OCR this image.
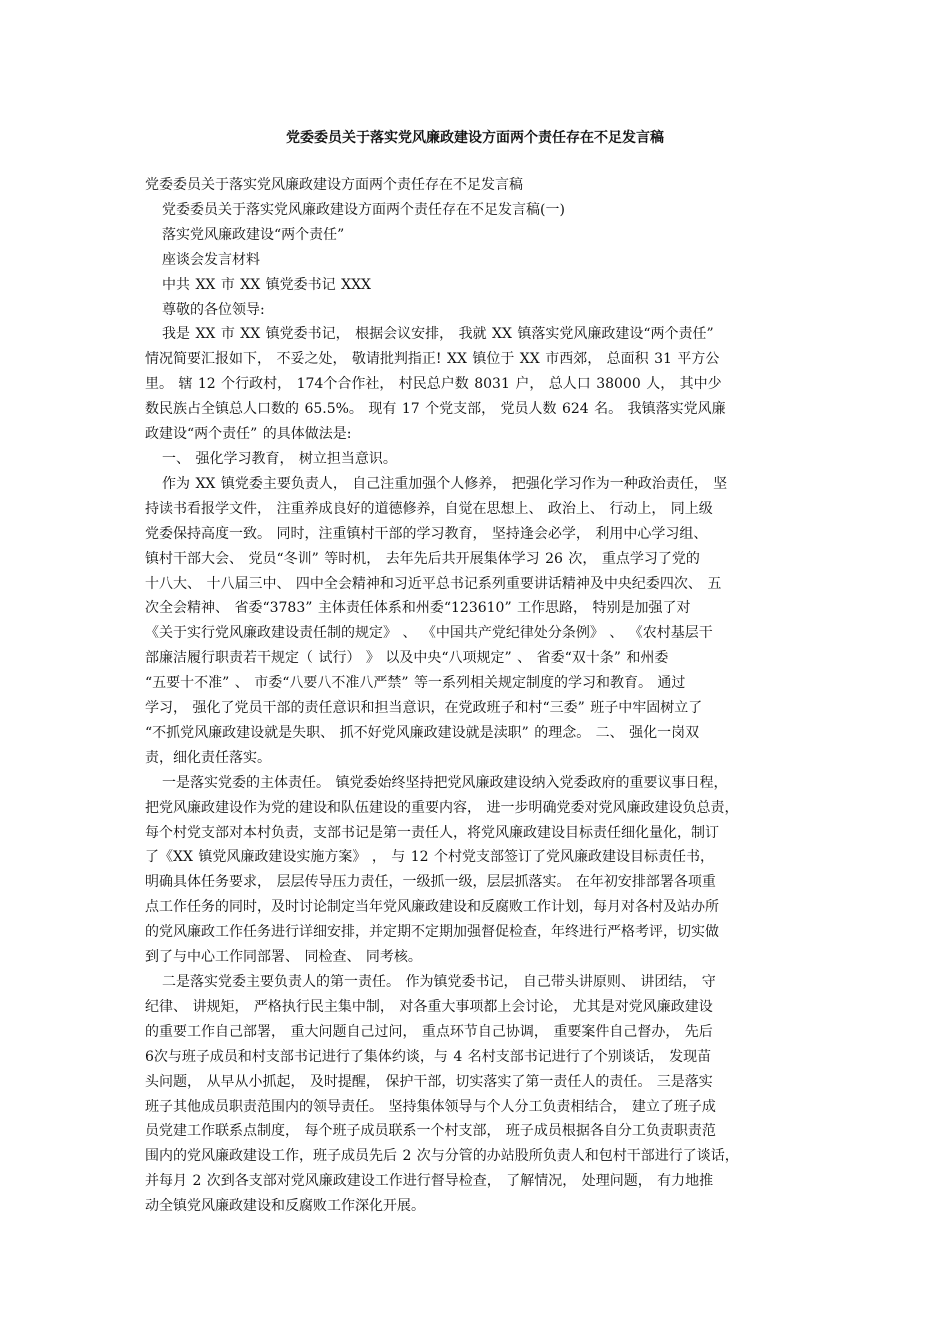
党委委员关于落实党风廉政建设方面两个责任存在不足发言稿

党委委员关于落实党风廉政建设方面两个责任存在不足发言稿

党委委员关于落实党风廉政建设方面两个责任存在不足发言稿(一)

落实党风廉政建设“两个责任”

座谈会发言材料

中共 XX 市 XX 镇党委书记 XXX

尊敬的各位领导:

我是 XX 市 XX 镇党委书记， 根据会议安排， 我就 XX 镇落实党风廉政建设“两个责任”

情况简要汇报如下， 不妥之处， 敬请批判指正! XX 镇位于 XX 市西郊， 总面积 31 平方公

里。 辖 12 个行政村， 174个合作社， 村民总户数 8031 户， 总人口 38000 人， 其中少

数民族占全镇总人口数的 65.5%。 现有 17 个党支部， 党员人数 624 名。 我镇落实党风廉

政建设“两个责任” 的具体做法是:

一、 强化学习教育， 树立担当意识。

作为 XX 镇党委主要负责人， 自己注重加强个人修养， 把强化学习作为一种政治责任， 坚

持读书看报学文件， 注重养成良好的道德修养，自觉在思想上、 政治上、 行动上， 同上级

党委保持高度一致。 同时，注重镇村干部的学习教育， 坚持逢会必学， 利用中心学习组、

镇村干部大会、 党员“冬训” 等时机， 去年先后共开展集体学习 26 次， 重点学习了党的

十八大、 十八届三中、 四中全会精神和习近平总书记系列重要讲话精神及中央纪委四次、 五

次全会精神、 省委“3783” 主体责任体系和州委“123610” 工作思路， 特别是加强了对

《关于实行党风廉政建设责任制的规定》 、 《中国共产党纪律处分条例》 、 《农村基层干

部廉洁履行职责若干规定（ 试行） 》 以及中央“八项规定” 、 省委“双十条” 和州委

“五要十不准” 、 市委“八要八不准八严禁” 等一系列相关规定制度的学习和教育。 通过

学习， 强化了党员干部的责任意识和担当意识，在党政班子和村“三委” 班子中牢固树立了

“不抓党风廉政建设就是失职、 抓不好党风廉政建设就是渎职” 的理念。 二、 强化一岗双

责，细化责任落实。

一是落实党委的主体责任。 镇党委始终坚持把党风廉政建设纳入党委政府的重要议事日程，

把党风廉政建设作为党的建设和队伍建设的重要内容， 进一步明确党委对党风廉政建设负总责，

每个村党支部对本村负责，支部书记是第一责任人，将党风廉政建设目标责任细化量化，制订

了《XX 镇党风廉政建设实施方案》 ， 与 12 个村党支部签订了党风廉政建设目标责任书，

明确具体任务要求， 层层传导压力责任，一级抓一级，层层抓落实。 在年初安排部署各项重

点工作任务的同时，及时讨论制定当年党风廉政建设和反腐败工作计划，每月对各村及站办所

的党风廉政工作任务进行详细安排，并定期不定期加强督促检查，年终进行严格考评，切实做

到了与中心工作同部署、 同检查、 同考核。

二是落实党委主要负责人的第一责任。 作为镇党委书记， 自己带头讲原则、 讲团结， 守

纪律、 讲规矩， 严格执行民主集中制， 对各重大事项都上会讨论， 尤其是对党风廉政建设

的重要工作自己部署， 重大问题自己过问， 重点环节自己协调， 重要案件自己督办， 先后

6次与班子成员和村支部书记进行了集体约谈，与 4 名村支部书记进行了个别谈话， 发现苗

头问题， 从早从小抓起， 及时提醒， 保护干部，切实落实了第一责任人的责任。 三是落实

班子其他成员职责范围内的领导责任。 坚持集体领导与个人分工负责相结合， 建立了班子成

员党建工作联系点制度， 每个班子成员联系一个村支部， 班子成员根据各自分工负责职责范

围内的党风廉政建设工作，班子成员先后 2 次与分管的办站股所负责人和包村干部进行了谈话，

并每月 2 次到各支部对党风廉政建设工作进行督导检查， 了解情况， 处理问题， 有力地推

动全镇党风廉政建设和反腐败工作深化开展。
